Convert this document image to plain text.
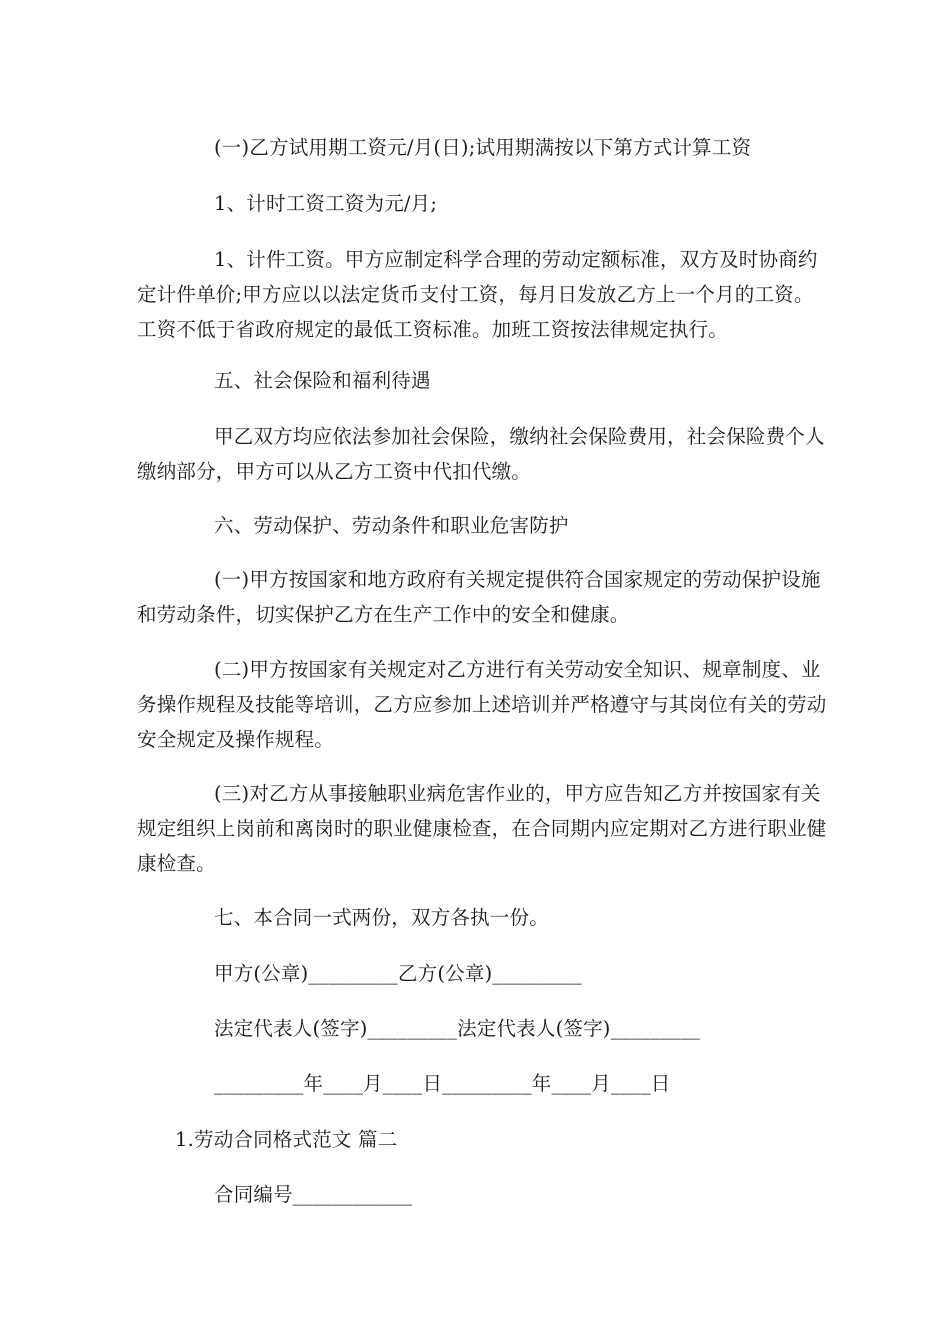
(一)乙方试用期工资元/月(日);试用期满按以下第方式计算工资
1、计时工资工资为元/月;
1、计件工资。甲方应制定科学合理的劳动定额标准，双方及时协商约
定计件单价;甲方应以以法定货币支付工资，每月日发放乙方上一个月的工资。
工资不低于省政府规定的最低工资标准。加班工资按法律规定执行。
五、社会保险和福利待遇
甲乙双方均应依法参加社会保险，缴纳社会保险费用，社会保险费个人
缴纳部分，甲方可以从乙方工资中代扣代缴。
六、劳动保护、劳动条件和职业危害防护
(一)甲方按国家和地方政府有关规定提供符合国家规定的劳动保护设施
和劳动条件，切实保护乙方在生产工作中的安全和健康。
(二)甲方按国家有关规定对乙方进行有关劳动安全知识、规章制度、业
务操作规程及技能等培训，乙方应参加上述培训并严格遵守与其岗位有关的劳动
安全规定及操作规程。
(三)对乙方从事接触职业病危害作业的，甲方应告知乙方并按国家有关
规定组织上岗前和离岗时的职业健康检查，在合同期内应定期对乙方进行职业健
康检查。
七、本合同一式两份，双方各执一份。
甲方(公章)_________乙方(公章)_________
法定代表人(签字)_________法定代表人(签字)_________
_________年____月____日_________年____月____日
1.劳动合同格式范文 篇二
合同编号____________
